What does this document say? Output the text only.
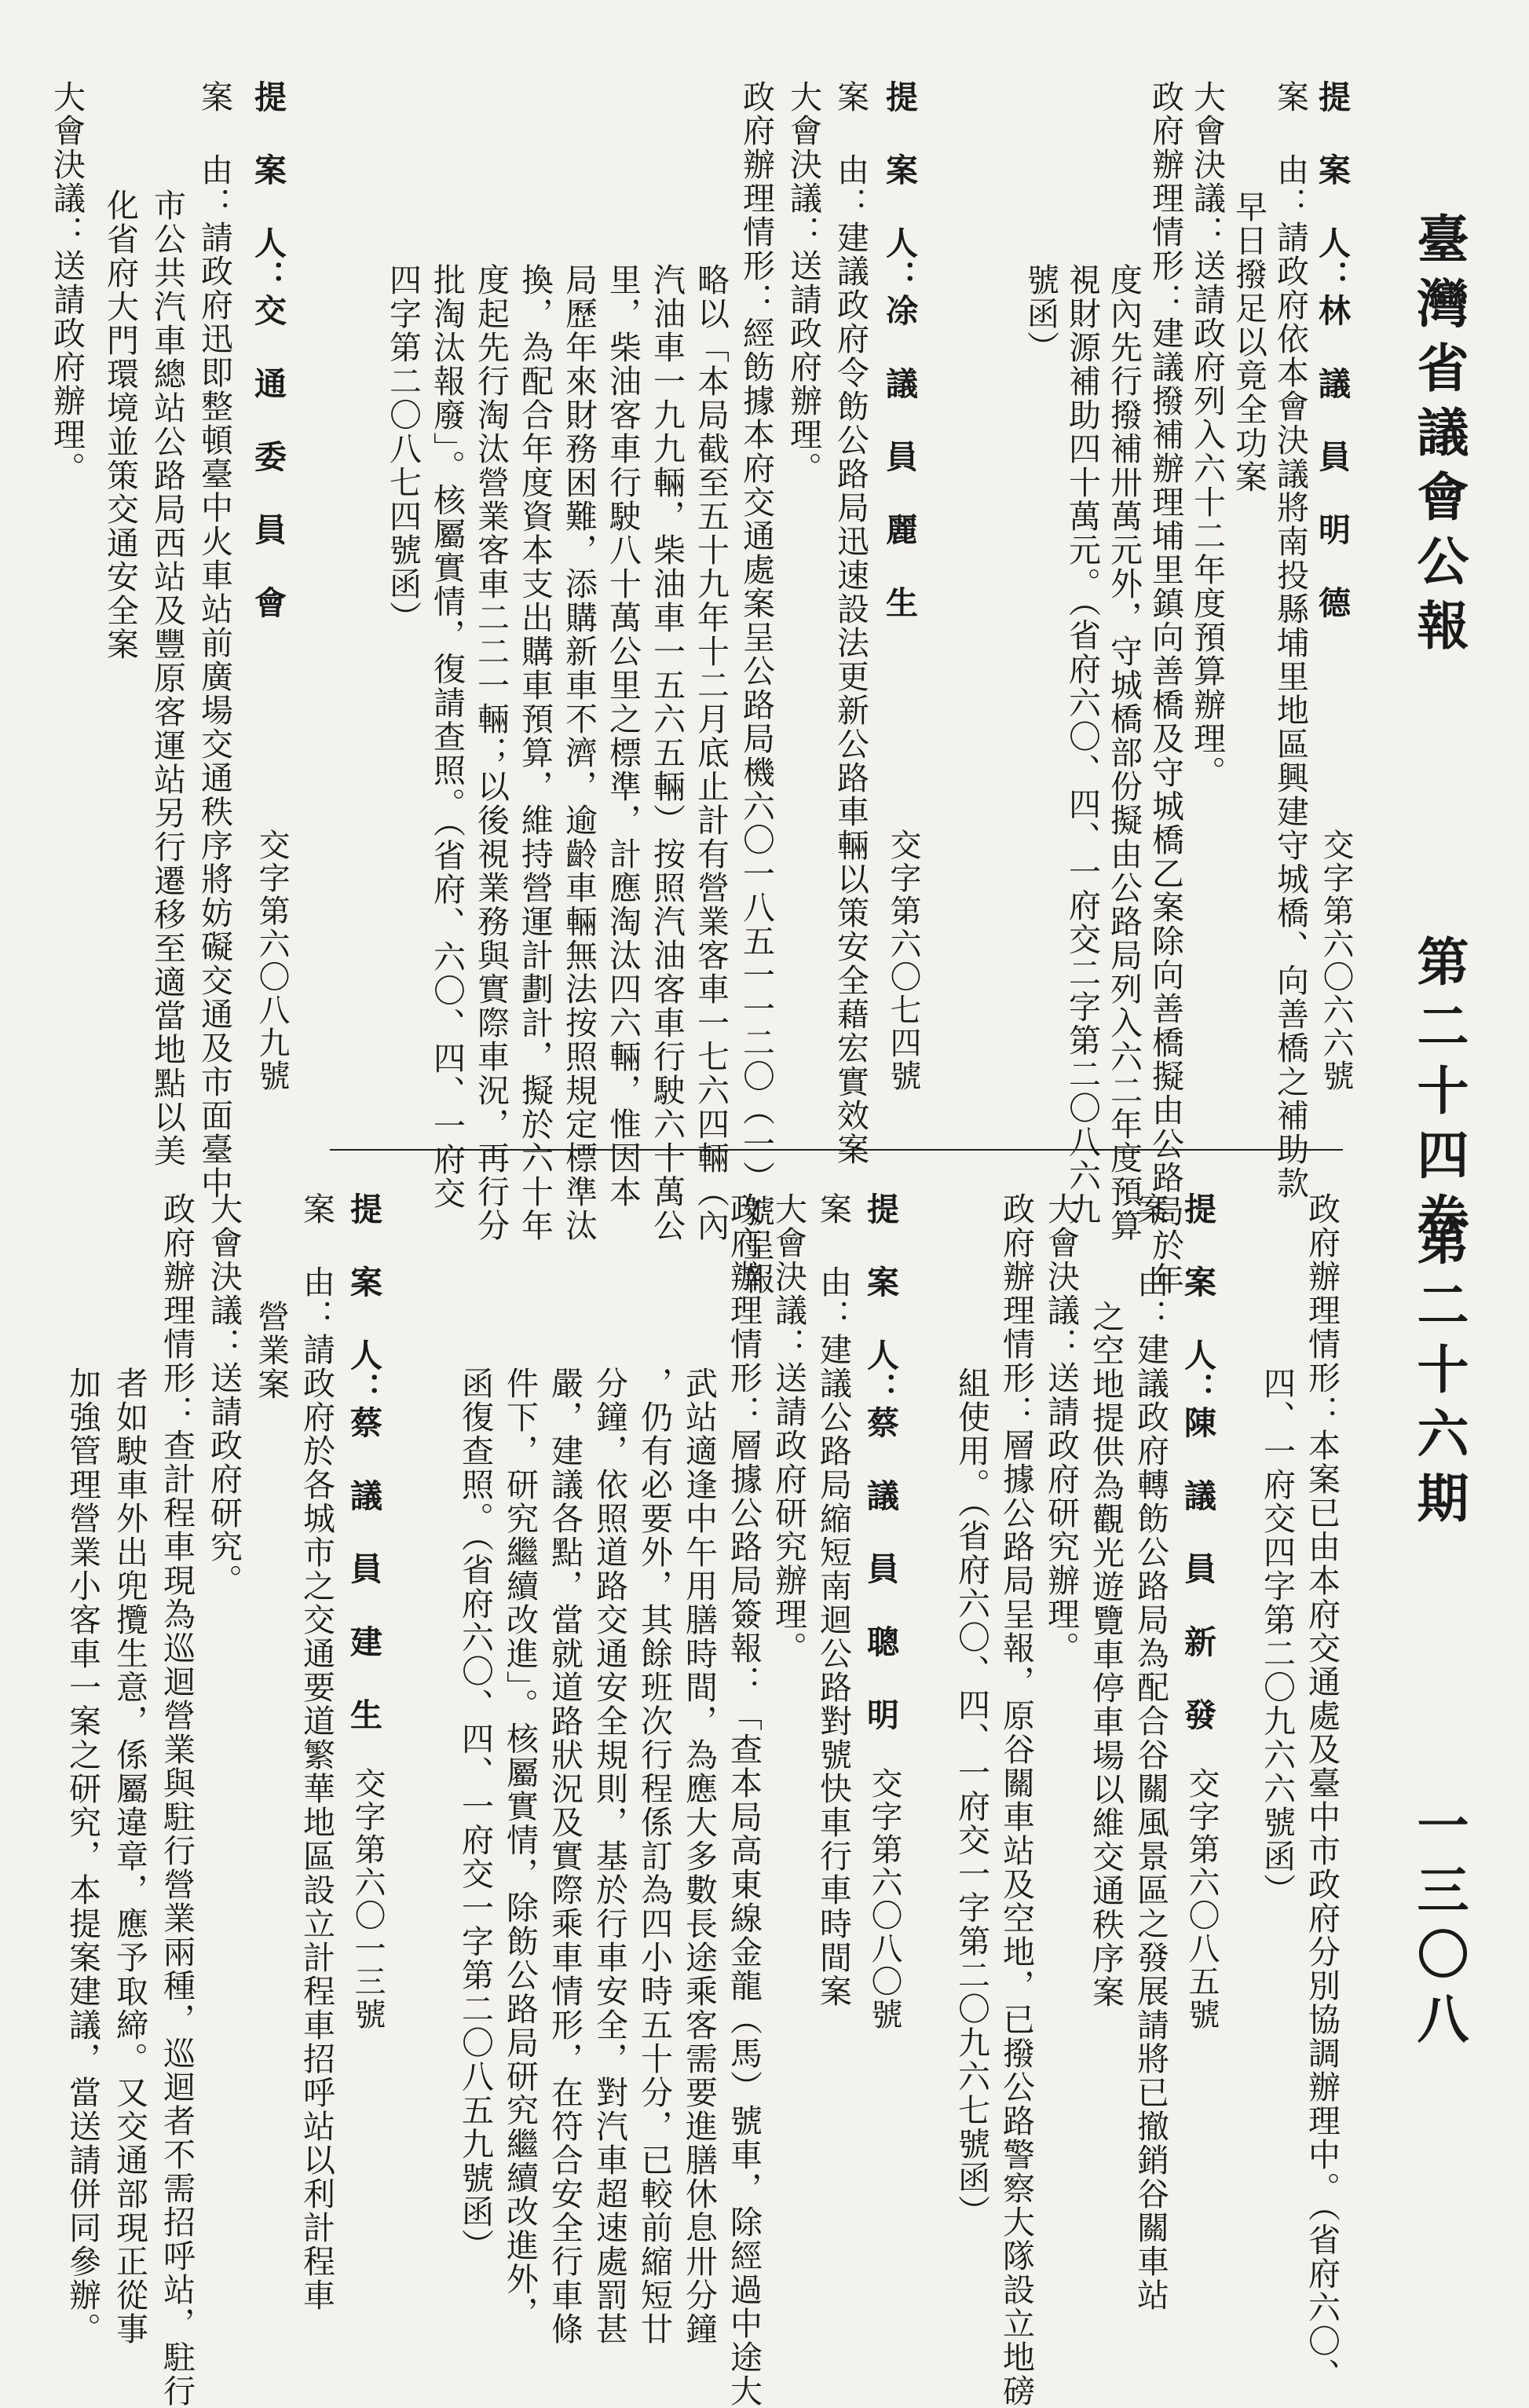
臺灣省議會公報
第二十四卷
第二十六期
一三〇八
提 案 人：林 議 員 明 德
交字第六〇六六號
案 由：請政府依本會決議將南投縣埔里地區興建守城橋、向善橋之補助款
早日撥足以竟全功案
大會決議：送請政府列入六十二年度預算辦理。
政府辦理情形：建議撥補辦理埔里鎮向善橋及守城橋乙案除向善橋擬由公路局於年
度內先行撥補卅萬元外，守城橋部份擬由公路局列入六二年度預算
視財源補助四十萬元。（省府六〇、四、一府交二字第二〇八六九
號函）
提 案 人：凃 議 員 麗 生
交字第六〇七四號
案 由：建議政府令飭公路局迅速設法更新公路車輛以策安全藉宏實效案
大會決議：送請政府辦理。
政府辦理情形：經飭據本府交通處案呈公路局機六〇一八五一一二〇（一）號呈報
略以「本局截至五十九年十二月底止計有營業客車一七六四輛（內
汽油車一九九輛，柴油車一五六五輛）按照汽油客車行駛六十萬公
里，柴油客車行駛八十萬公里之標準，計應淘汰四六輛，惟因本
局歷年來財務困難，添購新車不濟，逾齡車輛無法按照規定標準汰
換，為配合年度資本支出購車預算，維持營運計劃計，擬於六十年
度起先行淘汰營業客車二二一輛；以後視業務與實際車況，再行分
批淘汰報廢」。核屬實情，復請查照。（省府、六〇、四、一府交
四字第二〇八七四號函）
提 案 人：交 通 委 員 會
交字第六〇八九號
案 由：請政府迅即整頓臺中火車站前廣場交通秩序將妨礙交通及市面臺中
市公共汽車總站公路局西站及豐原客運站另行遷移至適當地點以美
化省府大門環境並策交通安全案
大會決議：送請政府辦理。
政府辦理情形：本案已由本府交通處及臺中市政府分別協調辦理中。（省府六〇、
四、一府交四字第二〇九六六號函）
提 案 人：陳 議 員 新 發
交字第六〇八五號
案 由：建議政府轉飭公路局為配合谷關風景區之發展請將已撤銷谷關車站
之空地提供為觀光遊覽車停車場以維交通秩序案
大會決議：送請政府研究辦理。
政府辦理情形：層據公路局呈報，原谷關車站及空地，已撥公路警察大隊設立地磅
組使用。（省府六〇、四、一府交一字第二〇九六七號函）
提 案 人：蔡 議 員 聰 明
交字第六〇八〇號
案 由：建議公路局縮短南迴公路對號快車行車時間案
大會決議：送請政府研究辦理。
政府辦理情形：層據公路局簽報：「查本局高東線金龍（馬）號車，除經過中途大
武站適逢中午用膳時間，為應大多數長途乘客需要進膳休息卅分鐘
，仍有必要外，其餘班次行程係訂為四小時五十分，已較前縮短廿
分鐘，依照道路交通安全規則，基於行車安全，對汽車超速處罰甚
嚴，建議各點，當就道路狀況及實際乘車情形，在符合安全行車條
件下，研究繼續改進」。核屬實情，除飭公路局研究繼續改進外，
函復查照。（省府六〇、四、一府交一字第二〇八五九號函）
提 案 人：蔡 議 員 建 生
交字第六〇一三號
案 由：請政府於各城市之交通要道繁華地區設立計程車招呼站以利計程車
營業案
大會決議：送請政府研究。
政府辦理情形：查計程車現為巡迴營業與駐行營業兩種，巡迴者不需招呼站，駐行
者如駛車外出兜攬生意，係屬違章，應予取締。又交通部現正從事
加強管理營業小客車一案之研究，本提案建議，當送請併同參辦。
